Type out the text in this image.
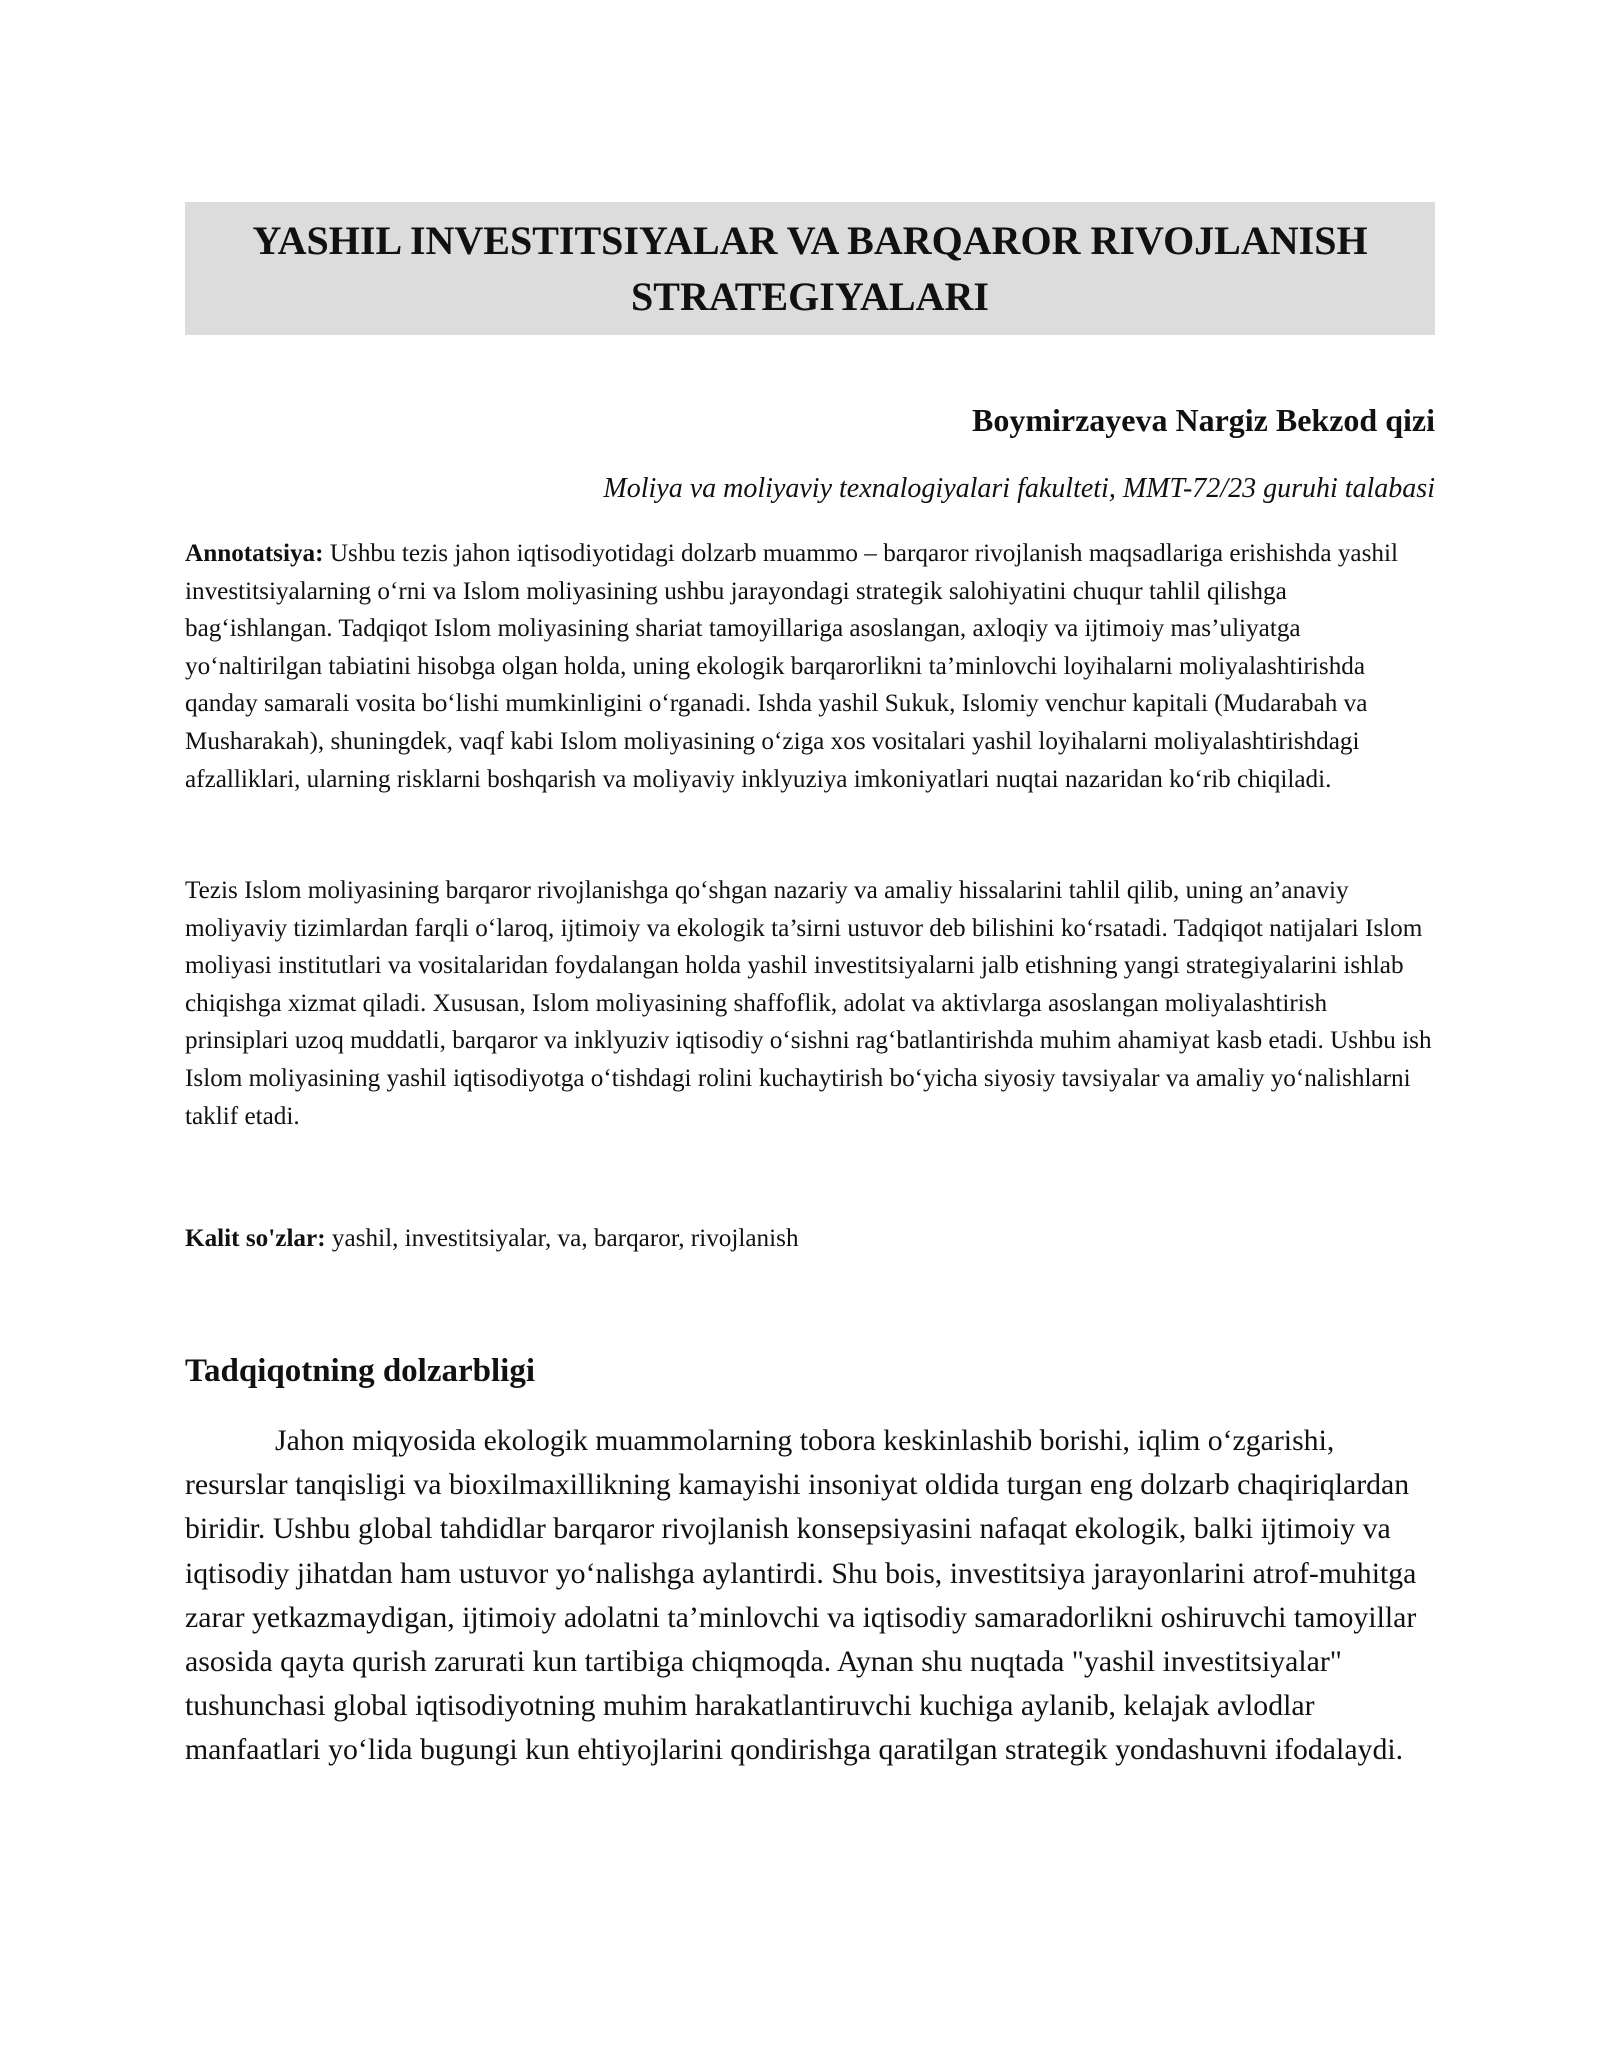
YASHIL INVESTITSIYALAR VA BARQAROR RIVOJLANISH STRATEGIYALARI
Boymirzayeva Nargiz Bekzod qizi
Moliya va moliyaviy texnalogiyalari fakulteti, MMT-72/23 guruhi talabasi

Annotatsiya: Ushbu tezis jahon iqtisodiyotidagi dolzarb muammo – barqaror rivojlanish maqsadlariga erishishda yashil investitsiyalarning o‘rni va Islom moliyasining ushbu jarayondagi strategik salohiyatini chuqur tahlil qilishga bag‘ishlangan. Tadqiqot Islom moliyasining shariat tamoyillariga asoslangan, axloqiy va ijtimoiy mas’uliyatga yo‘naltirilgan tabiatini hisobga olgan holda, uning ekologik barqarorlikni ta’minlovchi loyihalarni moliyalashtirishda qanday samarali vosita bo‘lishi mumkinligini o‘rganadi. Ishda yashil Sukuk, Islomiy venchur kapitali (Mudarabah va Musharakah), shuningdek, vaqf kabi Islom moliyasining o‘ziga xos vositalari yashil loyihalarni moliyalashtirishdagi afzalliklari, ularning risklarni boshqarish va moliyaviy inklyuziya imkoniyatlari nuqtai nazaridan ko‘rib chiqiladi.

Tezis Islom moliyasining barqaror rivojlanishga qo‘shgan nazariy va amaliy hissalarini tahlil qilib, uning an’anaviy moliyaviy tizimlardan farqli o‘laroq, ijtimoiy va ekologik ta’sirni ustuvor deb bilishini ko‘rsatadi. Tadqiqot natijalari Islom moliyasi institutlari va vositalaridan foydalangan holda yashil investitsiyalarni jalb etishning yangi strategiyalarini ishlab chiqishga xizmat qiladi. Xususan, Islom moliyasining shaffoflik, adolat va aktivlarga asoslangan moliyalashtirish prinsiplari uzoq muddatli, barqaror va inklyuziv iqtisodiy o‘sishni rag‘batlantirishda muhim ahamiyat kasb etadi. Ushbu ish Islom moliyasining yashil iqtisodiyotga o‘tishdagi rolini kuchaytirish bo‘yicha siyosiy tavsiyalar va amaliy yo‘nalishlarni taklif etadi.

Kalit so'zlar: yashil, investitsiyalar, va, barqaror, rivojlanish

Tadqiqotning dolzarbligi

Jahon miqyosida ekologik muammolarning tobora keskinlashib borishi, iqlim o‘zgarishi, resurslar tanqisligi va bioxilmaxillikning kamayishi insoniyat oldida turgan eng dolzarb chaqiriqlardan biridir. Ushbu global tahdidlar barqaror rivojlanish konsepsiyasini nafaqat ekologik, balki ijtimoiy va iqtisodiy jihatdan ham ustuvor yo‘nalishga aylantirdi. Shu bois, investitsiya jarayonlarini atrof-muhitga zarar yetkazmaydigan, ijtimoiy adolatni ta’minlovchi va iqtisodiy samaradorlikni oshiruvchi tamoyillar asosida qayta qurish zarurati kun tartibiga chiqmoqda. Aynan shu nuqtada "yashil investitsiyalar" tushunchasi global iqtisodiyotning muhim harakatlantiruvchi kuchiga aylanib, kelajak avlodlar manfaatlari yo‘lida bugungi kun ehtiyojlarini qondirishga qaratilgan strategik yondashuvni ifodalaydi.
